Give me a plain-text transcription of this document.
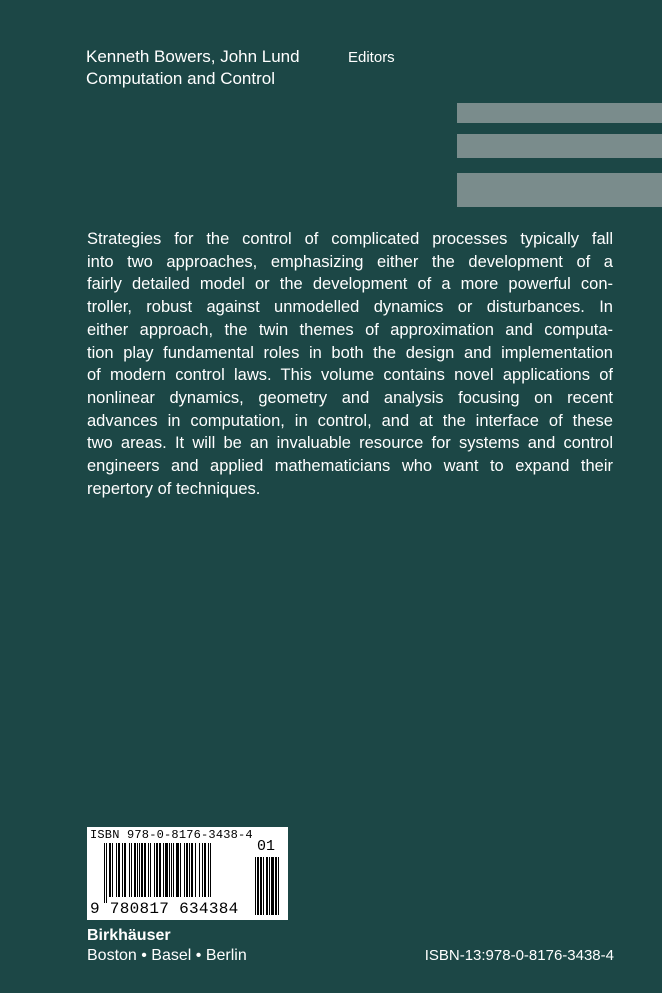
Kenneth Bowers, John Lund
Computation and Control
Editors
Strategies for the control of complicated processes typically fall
into two approaches, emphasizing either the development of a
fairly detailed model or the development of a more powerful con-
troller, robust against unmodelled dynamics or disturbances. In
either approach, the twin themes of approximation and computa-
tion play fundamental roles in both the design and implementation
of modern control laws. This volume contains novel applications of
nonlinear dynamics, geometry and analysis focusing on recent
advances in computation, in control, and at the interface of these
two areas. It will be an invaluable resource for systems and control
engineers and applied mathematicians who want to expand their
repertory of techniques.
ISBN 978-0-8176-3438-4
9 780817 634384
01
Birkhäuser
Boston • Basel • Berlin	ISBN-13:978-0-8176-3438-4
